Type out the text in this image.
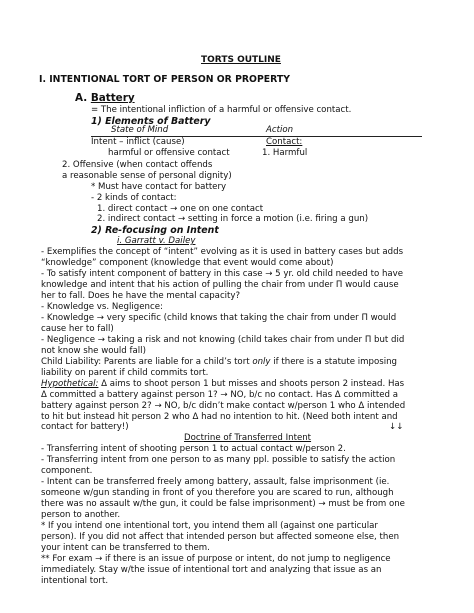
TORTS OUTLINE
I. INTENTIONAL TORT OF PERSON OR PROPERTY
A. Battery
= The intentional infliction of a harmful or offensive contact.
1) Elements of Battery
State of Mind	Action
Intent – inflict (cause)	Contact:
harmful or offensive contact	1. Harmful
2. Offensive (when contact offends
a reasonable sense of personal dignity)
* Must have contact for battery
- 2 kinds of contact:
1. direct contact → one on one contact
2. indirect contact → setting in force a motion (i.e. firing a gun)
2) Re-focusing on Intent
i. Garratt v. Dailey
- Exemplifies the concept of “intent” evolving as it is used in battery cases but adds
“knowledge” component (knowledge that event would come about)
- To satisfy intent component of battery in this case → 5 yr. old child needed to have
knowledge and intent that his action of pulling the chair from under Π would cause
her to fall. Does he have the mental capacity?
- Knowledge vs. Negligence:
- Knowledge → very specific (child knows that taking the chair from under Π would
cause her to fall)
- Negligence → taking a risk and not knowing (child takes chair from under Π but did
not know she would fall)
Child Liability: Parents are liable for a child’s tort only if there is a statute imposing
liability on parent if child commits tort.
Hypothetical: Δ aims to shoot person 1 but misses and shoots person 2 instead. Has
Δ committed a battery against person 1? → NO, b/c no contact. Has Δ committed a
battery against person 2? → NO, b/c didn’t make contact w/person 1 who Δ intended
to hit but instead hit person 2 who Δ had no intention to hit. (Need both intent and
contact for battery!)	↓↓
Doctrine of Transferred Intent
- Transferring intent of shooting person 1 to actual contact w/person 2.
- Transferring intent from one person to as many ppl. possible to satisfy the action
component.
- Intent can be transferred freely among battery, assault, false imprisonment (ie.
someone w/gun standing in front of you therefore you are scared to run, although
there was no assault w/the gun, it could be false imprisonment) → must be from one
person to another.
* If you intend one intentional tort, you intend them all (against one particular
person). If you did not affect that intended person but affected someone else, then
your intent can be transferred to them.
** For exam → if there is an issue of purpose or intent, do not jump to negligence
immediately. Stay w/the issue of intentional tort and analyzing that issue as an
intentional tort.
